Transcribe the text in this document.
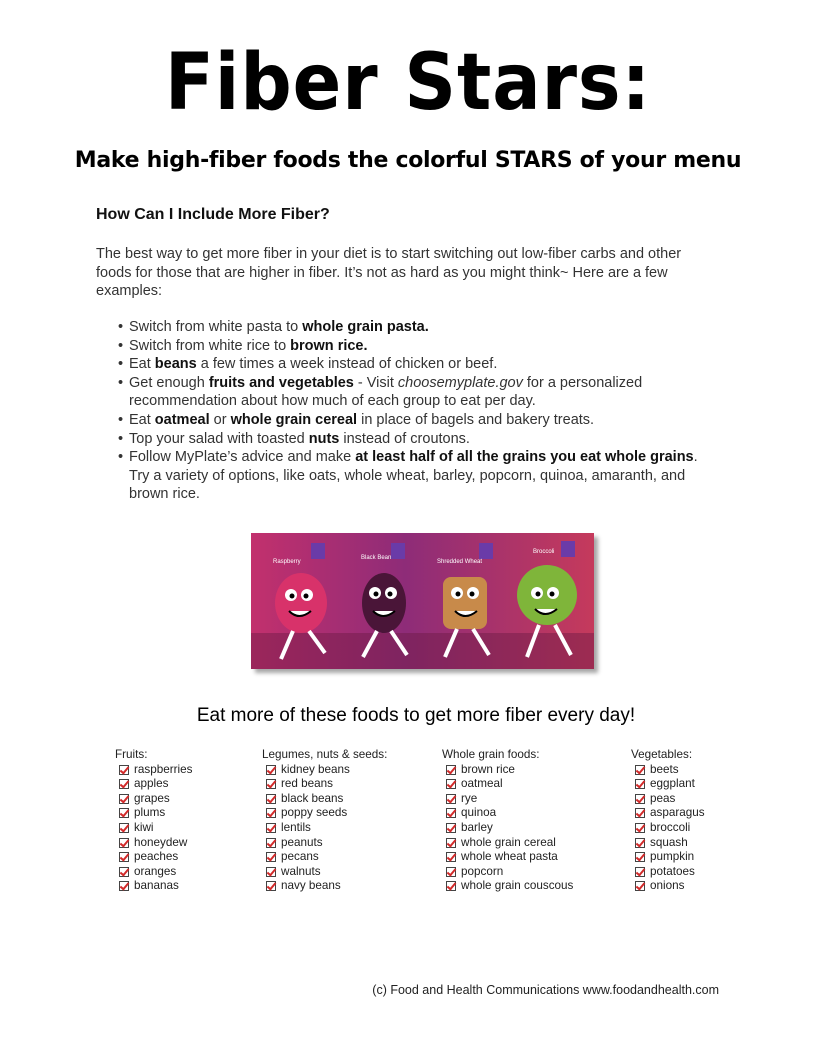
Fiber Stars:
Make high-fiber foods the colorful STARS of your menu
How Can I Include More Fiber?
The best way to get more fiber in your diet is to start switching out low-fiber carbs and other foods for those that are higher in fiber. It’s not as hard as you might think~ Here are a few examples:
• Switch from white pasta to whole grain pasta.
• Switch from white rice to brown rice.
• Eat beans a few times a week instead of chicken or beef.
• Get enough fruits and vegetables - Visit choosemyplate.gov for a personalized recommendation about how much of each group to eat per day.
• Eat oatmeal or whole grain cereal in place of bagels and bakery treats.
• Top your salad with toasted nuts instead of croutons.
• Follow MyPlate’s advice and make at least half of all the grains you eat whole grains. Try a variety of options, like oats, whole wheat, barley, popcorn, quinoa, amaranth, and brown rice.
Raspberry
Black Bean
Shredded Wheat
Broccoli
Eat more of these foods to get more fiber every day!
Fruits:
raspberries
apples
grapes
plums
kiwi
honeydew
peaches
oranges
bananas
Legumes, nuts & seeds:
kidney beans
red beans
black beans
poppy seeds
lentils
peanuts
pecans
walnuts
navy beans
Whole grain foods:
brown rice
oatmeal
rye
quinoa
barley
whole grain cereal
whole wheat pasta
popcorn
whole grain couscous
Vegetables:
beets
eggplant
peas
asparagus
broccoli
squash
pumpkin
potatoes
onions
(c) Food and Health Communications www.foodandhealth.com
